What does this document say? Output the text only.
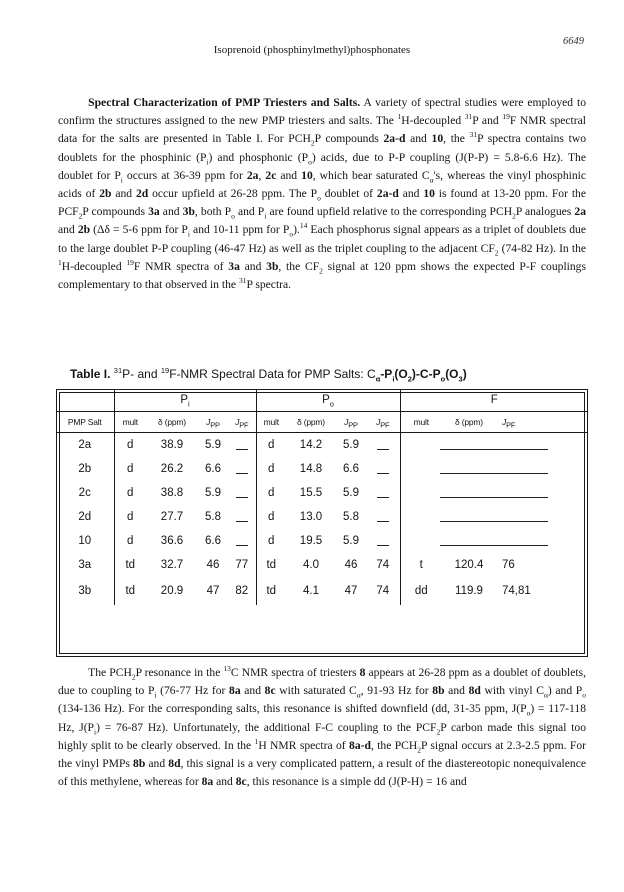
Isoprenoid (phosphinylmethyl)phosphonates
6649

Spectral Characterization of PMP Triesters and Salts. A variety of spectral studies were employed to confirm the structures assigned to the new PMP triesters and salts. The $^1$H-decoupled $^{31}$P and $^{19}$F NMR spectral data for the salts are presented in Table I. For $PCH_2P$ compounds 2a-d and 10, the $^{31}$P spectra contains two doublets for the phosphinic $(P_i)$ and phosphonic $(P_o)$ acids, due to P-P coupling (J(P-P) = 5.8-6.6 Hz). The doublet for $P_i$ occurs at 36-39 ppm for 2a, 2c and 10, which bear saturated $C_\alpha's$, whereas the vinyl phosphinic acids of 2b and 2d occur upfield at 26-28 ppm. The $P_o$ doublet of 2a-d and 10 is found at 13-20 ppm. For the $PCF_2P$ compounds 3a and 3b, both $P_o$ and $P_i$ are found upfield relative to the corresponding $PCH_2P$ analogues 2a and 2b (Δδ = 5-6 ppm for $P_i$ and 10-11 ppm for $P_o).^{14}$ Each phosphorus signal appears as a triplet of doublets due to the large doublet P-P coupling (46-47 Hz) as well as the triplet coupling to the adjacent $CF_2$ (74-82 Hz). In the $^1$H-decoupled $^{19}$F NMR spectra of 3a and 3b, the $CF_2$ signal at 120 ppm shows the expected P-F couplings complementary to that observed in the $^{31}$P spectra.

Table I. $^{31}$P- and $^{19}$F-NMR Spectral Data for PMP Salts: $C_\alpha-P_i(O_2)-C-P_o(O_3)$
	$P_i$				$P_o$				F		
PMP Salt	mult	δ (ppm)	$J_{PP}$	$J_{PF}$	mult	δ (ppm)	$J_{PP}$	$J_{PF}$	mult	δ (ppm)	$J_{PF}$
2a	d	38.9	5.9		d	14.2	5.9				
2b	d	26.2	6.6		d	14.8	6.6				
2c	d	38.8	5.9		d	15.5	5.9				
2d	d	27.7	5.8		d	13.0	5.8				
10	d	36.6	6.6		d	19.5	5.9				
3a	td	32.7	46	77	td	4.0	46	74	t	120.4	76
3b	td	20.9	47	82	td	4.1	47	74	dd	119.9	74,81

The $PCH_2P$ resonance in the $^{13}$C NMR spectra of triesters 8 appears at 26-28 ppm as a doublet of doublets, due to coupling to $P_i$ (76-77 Hz for 8a and 8c with saturated $C_\alpha$, 91-93 Hz for 8b and 8d with vinyl $C_\alpha$) and $P_o$ (134-136 Hz). For the corresponding salts, this resonance is shifted downfield (dd, 31-35 ppm, $J(P_o) = 117-118$ Hz, $J(P_i) = 76-87$ Hz). Unfortunately, the additional F-C coupling to the $PCF_2P$ carbon made this signal too highly split to be clearly observed. In the $^1$H NMR spectra of 8a-d, the $PCH_2P$ signal occurs at 2.3-2.5 ppm. For the vinyl PMPs 8b and 8d, this signal is a very complicated pattern, a result of the diastereotopic nonequivalence of this methylene, whereas for 8a and 8c, this resonance is a simple dd (J(P-H) = 16 and
